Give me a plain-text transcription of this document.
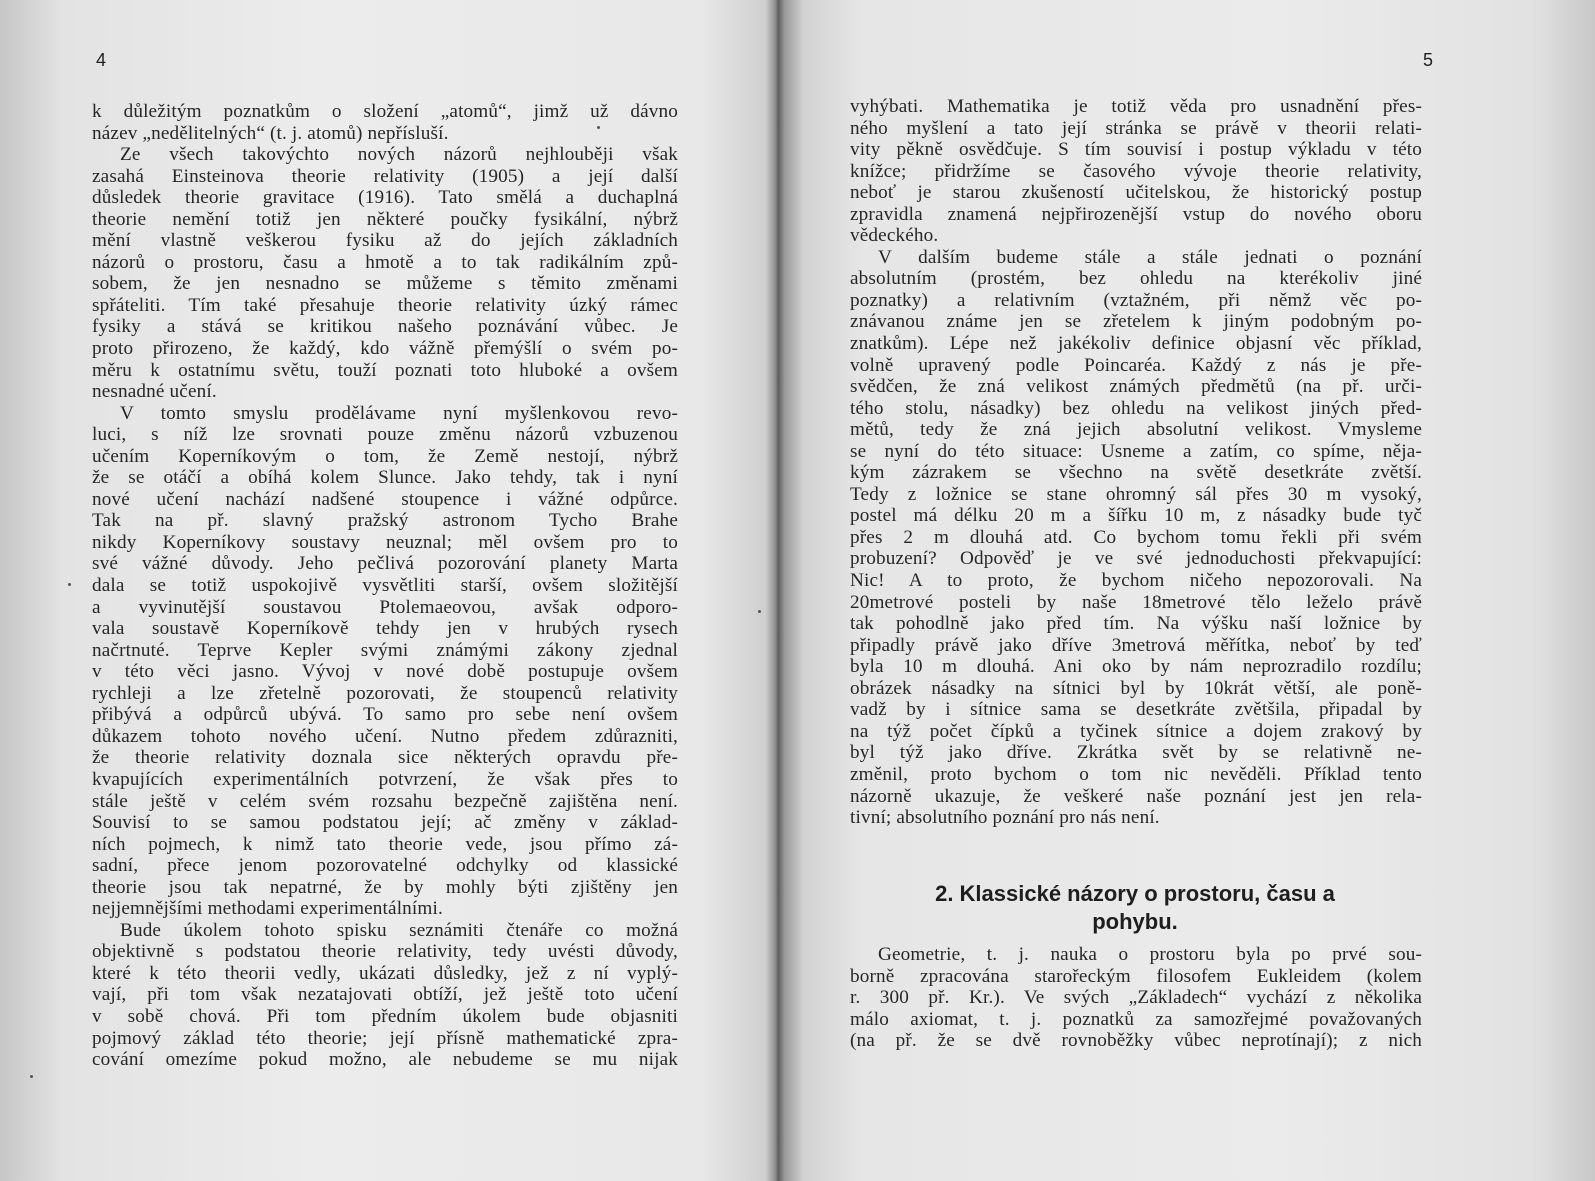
4
k důležitým poznatkům o složení „atomů“, jimž už dávno
název „nedělitelných“ (t. j. atomů) nepřísluší.
Ze všech takovýchto nových názorů nejhlouběji však
zasahá Einsteinova theorie relativity (1905) a její další
důsledek theorie gravitace (1916). Tato smělá a duchaplná
theorie nemění totiž jen některé poučky fysikální, nýbrž
mění vlastně veškerou fysiku až do jejích základních
názorů o prostoru, času a hmotě a to tak radikálním způ-
sobem, že jen nesnadno se můžeme s těmito změnami
spřáteliti. Tím také přesahuje theorie relativity úzký rámec
fysiky a stává se kritikou našeho poznávání vůbec. Je
proto přirozeno, že každý, kdo vážně přemýšlí o svém po-
měru k ostatnímu světu, touží poznati toto hluboké a ovšem
nesnadné učení.
V tomto smyslu prodělávame nyní myšlenkovou revo-
luci, s níž lze srovnati pouze změnu názorů vzbuzenou
učením Koperníkovým o tom, že Země nestojí, nýbrž
že se otáčí a obíhá kolem Slunce. Jako tehdy, tak i nyní
nové učení nachází nadšené stoupence i vážné odpůrce.
Tak na př. slavný pražský astronom Tycho Brahe
nikdy Koperníkovy soustavy neuznal; měl ovšem pro to
své vážné důvody. Jeho pečlivá pozorování planety Marta
dala se totiž uspokojivě vysvětliti starší, ovšem složitější
a vyvinutější soustavou Ptolemaeovou, avšak odporo-
vala soustavě Koperníkově tehdy jen v hrubých rysech
načrtnuté. Teprve Kepler svými známými zákony zjednal
v této věci jasno. Vývoj v nové době postupuje ovšem
rychleji a lze zřetelně pozorovati, že stoupenců relativity
přibývá a odpůrců ubývá. To samo pro sebe není ovšem
důkazem tohoto nového učení. Nutno předem zdůrazniti,
že theorie relativity doznala sice některých opravdu pře-
kvapujících experimentálních potvrzení, že však přes to
stále ještě v celém svém rozsahu bezpečně zajištěna není.
Souvisí to se samou podstatou její; ač změny v základ-
ních pojmech, k nimž tato theorie vede, jsou přímo zá-
sadní, přece jenom pozorovatelné odchylky od klassické
theorie jsou tak nepatrné, že by mohly býti zjištěny jen
nejjemnějšími methodami experimentálními.
Bude úkolem tohoto spisku seznámiti čtenáře co možná
objektivně s podstatou theorie relativity, tedy uvésti důvody,
které k této theorii vedly, ukázati důsledky, jež z ní vyplý-
vají, při tom však nezatajovati obtíží, jež ještě toto učení
v sobě chová. Při tom předním úkolem bude objasniti
pojmový základ této theorie; její přísně mathematické zpra-
cování omezíme pokud možno, ale nebudeme se mu nijak
5
vyhýbati. Mathematika je totiž věda pro usnadnění přes-
ného myšlení a tato její stránka se právě v theorii relati-
vity pěkně osvědčuje. S tím souvisí i postup výkladu v této
knížce; přidržíme se časového vývoje theorie relativity,
neboť je starou zkušeností učitelskou, že historický postup
zpravidla znamená nejpřirozenější vstup do nového oboru
vědeckého.
V dalším budeme stále a stále jednati o poznání
absolutním (prostém, bez ohledu na kterékoliv jiné
poznatky) a relativním (vztažném, při němž věc po-
znávanou známe jen se zřetelem k jiným podobným po-
znatkům). Lépe než jakékoliv definice objasní věc příklad,
volně upravený podle Poincaréa. Každý z nás je pře-
svědčen, že zná velikost známých předmětů (na př. urči-
tého stolu, násadky) bez ohledu na velikost jiných před-
mětů, tedy že zná jejich absolutní velikost. Vmysleme
se nyní do této situace: Usneme a zatím, co spíme, něja-
kým zázrakem se všechno na světě desetkráte zvětší.
Tedy z ložnice se stane ohromný sál přes 30 m vysoký,
postel má délku 20 m a šířku 10 m, z násadky bude tyč
přes 2 m dlouhá atd. Co bychom tomu řekli při svém
probuzení? Odpověď je ve své jednoduchosti překvapující:
Nic! A to proto, že bychom ničeho nepozorovali. Na
20metrové posteli by naše 18metrové tělo leželo právě
tak pohodlně jako před tím. Na výšku naší ložnice by
připadly právě jako dříve 3metrová měřítka, neboť by teď
byla 10 m dlouhá. Ani oko by nám neprozradilo rozdílu;
obrázek násadky na sítnici byl by 10krát větší, ale poně-
vadž by i sítnice sama se desetkráte zvětšila, připadal by
na týž počet čípků a tyčinek sítnice a dojem zrakový by
byl týž jako dříve. Zkrátka svět by se relativně ne-
změnil, proto bychom o tom nic nevěděli. Příklad tento
názorně ukazuje, že veškeré naše poznání jest jen rela-
tivní; absolutního poznání pro nás není.
2. Klassické názory o prostoru, času a
pohybu.
Geometrie, t. j. nauka o prostoru byla po prvé sou-
borně zpracována starořeckým filosofem Eukleidem (kolem
r. 300 př. Kr.). Ve svých „Základech“ vychází z několika
málo axiomat, t. j. poznatků za samozřejmé považovaných
(na př. že se dvě rovnoběžky vůbec neprotínají); z nich
